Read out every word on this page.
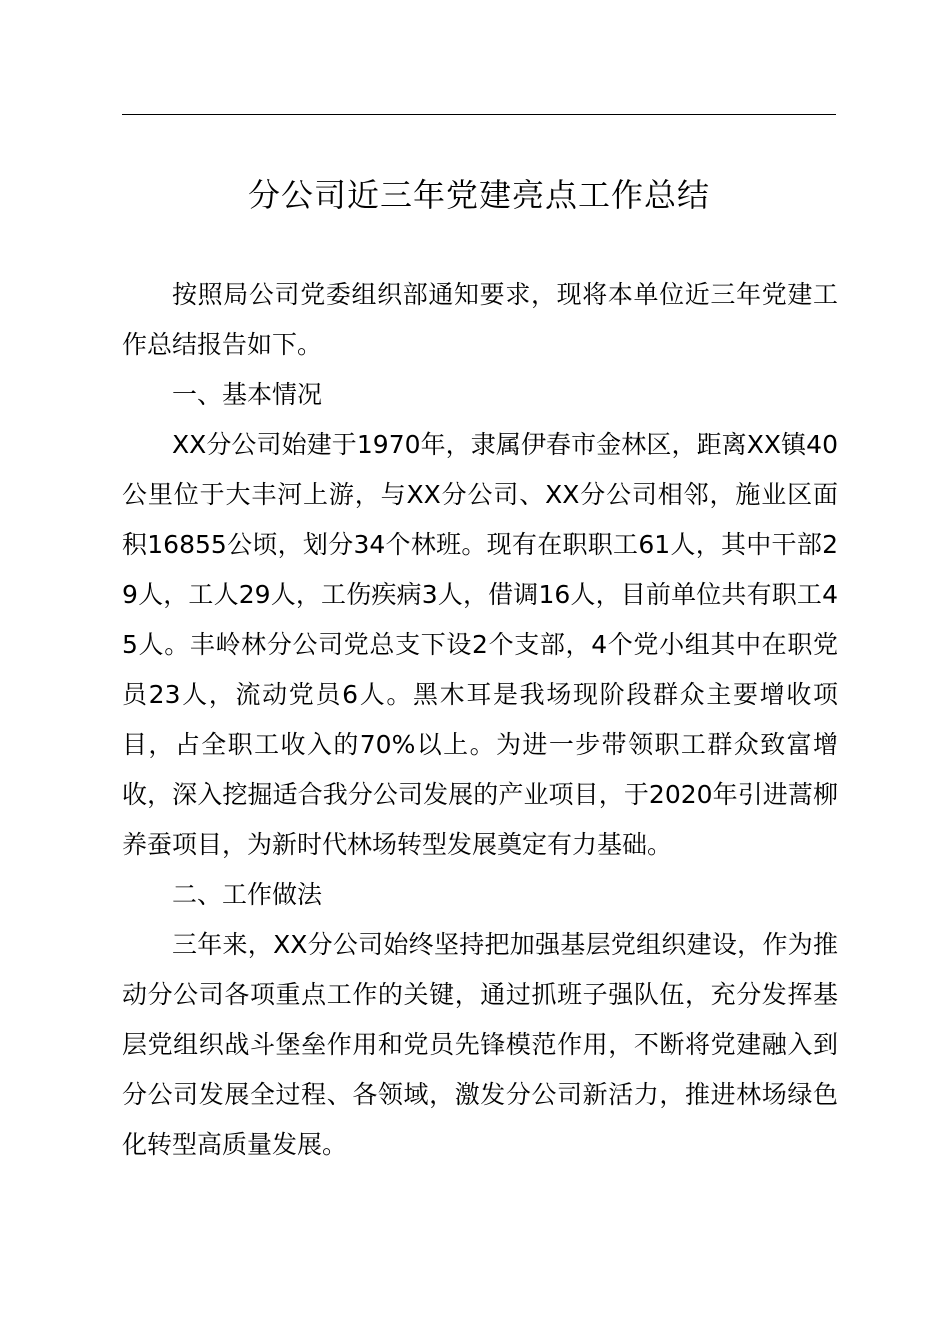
分公司近三年党建亮点工作总结

按照局公司党委组织部通知要求，现将本单位近三年党建工作总结报告如下。

一、基本情况

XX分公司始建于1970年，隶属伊春市金林区，距离XX镇40公里位于大丰河上游，与XX分公司、XX分公司相邻，施业区面积16855公顷，划分34个林班。现有在职职工61人，其中干部29人，工人29人，工伤疾病3人，借调16人，目前单位共有职工45人。丰岭林分公司党总支下设2个支部，4个党小组其中在职党员23人，流动党员6人。黑木耳是我场现阶段群众主要增收项目，占全职工收入的70%以上。为进一步带领职工群众致富增收，深入挖掘适合我分公司发展的产业项目，于2020年引进蒿柳养蚕项目，为新时代林场转型发展奠定有力基础。

二、工作做法

三年来，XX分公司始终坚持把加强基层党组织建设，作为推动分公司各项重点工作的关键，通过抓班子强队伍，充分发挥基层党组织战斗堡垒作用和党员先锋模范作用，不断将党建融入到分公司发展全过程、各领域，激发分公司新活力，推进林场绿色化转型高质量发展。
